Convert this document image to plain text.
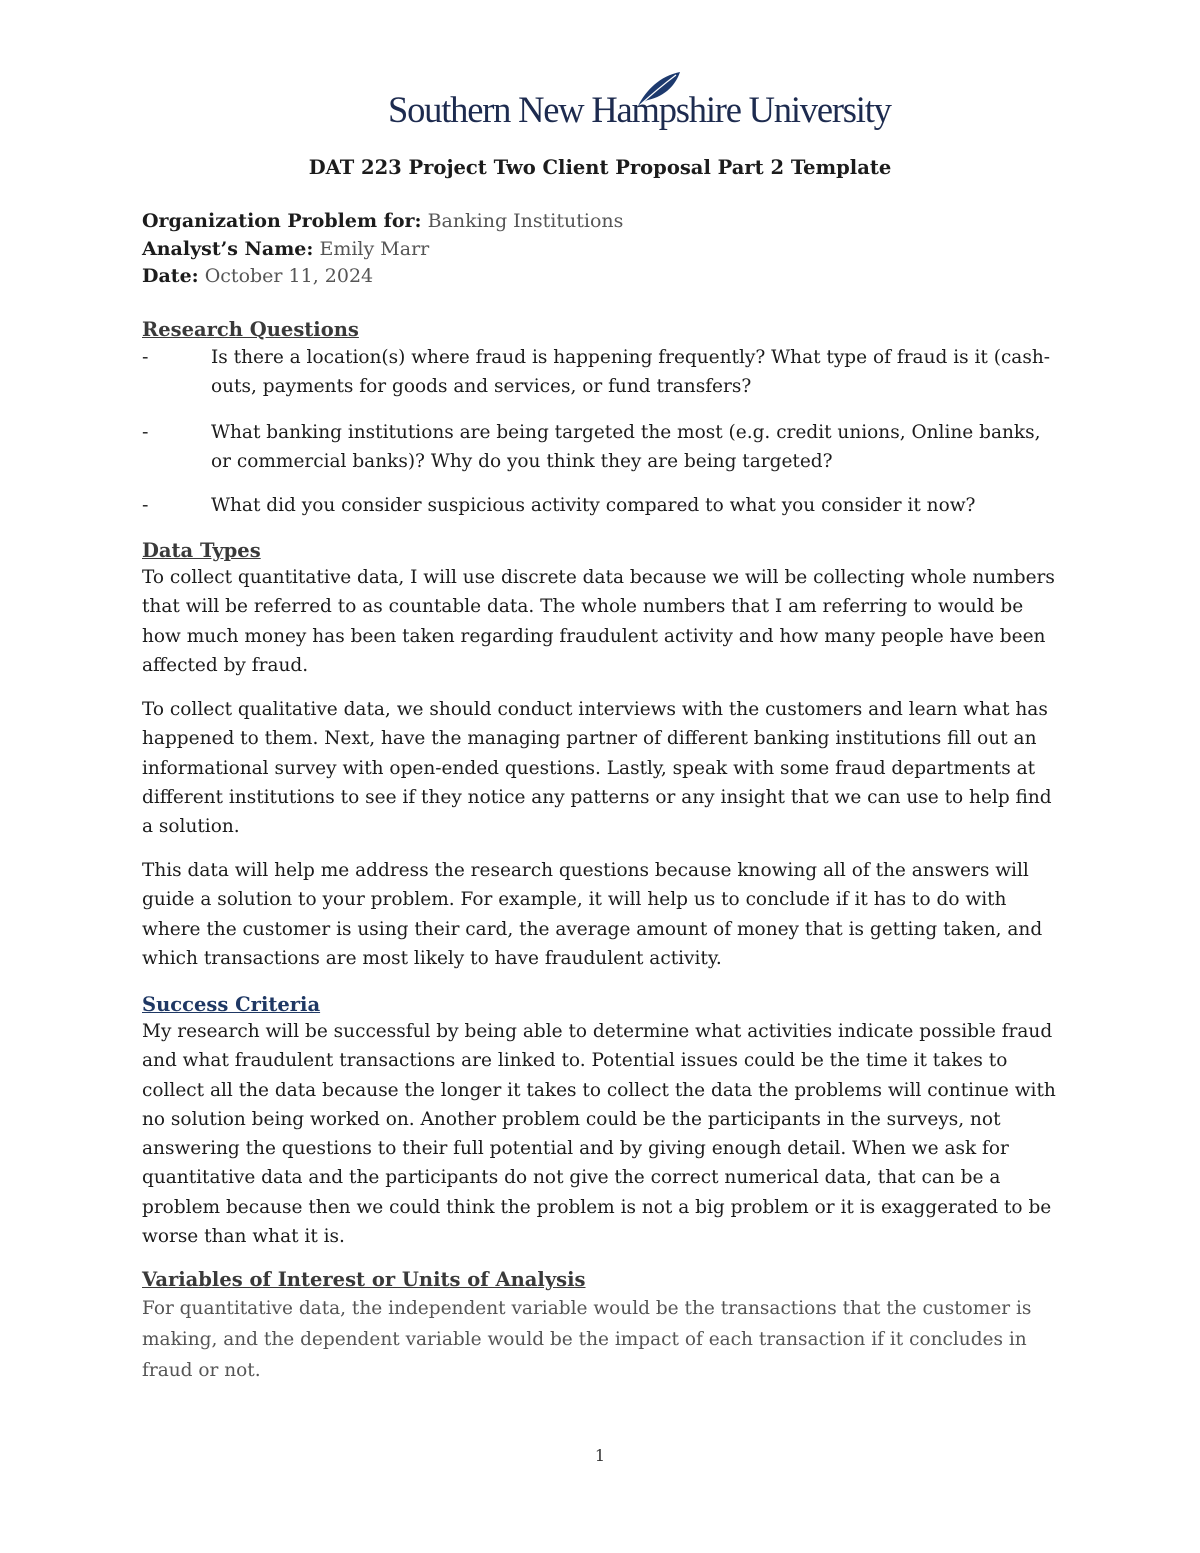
Southern New Hampshire University
DAT 223 Project Two Client Proposal Part 2 Template
Organization Problem for: Banking Institutions
Analyst’s Name: Emily Marr
Date: October 11, 2024
Research Questions
-	Is there a location(s) where fraud is happening frequently? What type of fraud is it (cash-outs, payments for goods and services, or fund transfers?
-	What banking institutions are being targeted the most (e.g. credit unions, Online banks, or commercial banks)? Why do you think they are being targeted?
-	What did you consider suspicious activity compared to what you consider it now?
Data Types
To collect quantitative data, I will use discrete data because we will be collecting whole numbers that will be referred to as countable data. The whole numbers that I am referring to would be how much money has been taken regarding fraudulent activity and how many people have been affected by fraud.
To collect qualitative data, we should conduct interviews with the customers and learn what has happened to them. Next, have the managing partner of different banking institutions fill out an informational survey with open-ended questions. Lastly, speak with some fraud departments at different institutions to see if they notice any patterns or any insight that we can use to help find a solution.
This data will help me address the research questions because knowing all of the answers will guide a solution to your problem. For example, it will help us to conclude if it has to do with where the customer is using their card, the average amount of money that is getting taken, and which transactions are most likely to have fraudulent activity.
Success Criteria
My research will be successful by being able to determine what activities indicate possible fraud and what fraudulent transactions are linked to. Potential issues could be the time it takes to collect all the data because the longer it takes to collect the data the problems will continue with no solution being worked on. Another problem could be the participants in the surveys, not answering the questions to their full potential and by giving enough detail. When we ask for quantitative data and the participants do not give the correct numerical data, that can be a problem because then we could think the problem is not a big problem or it is exaggerated to be worse than what it is.
Variables of Interest or Units of Analysis
For quantitative data, the independent variable would be the transactions that the customer is making, and the dependent variable would be the impact of each transaction if it concludes in fraud or not.
1
